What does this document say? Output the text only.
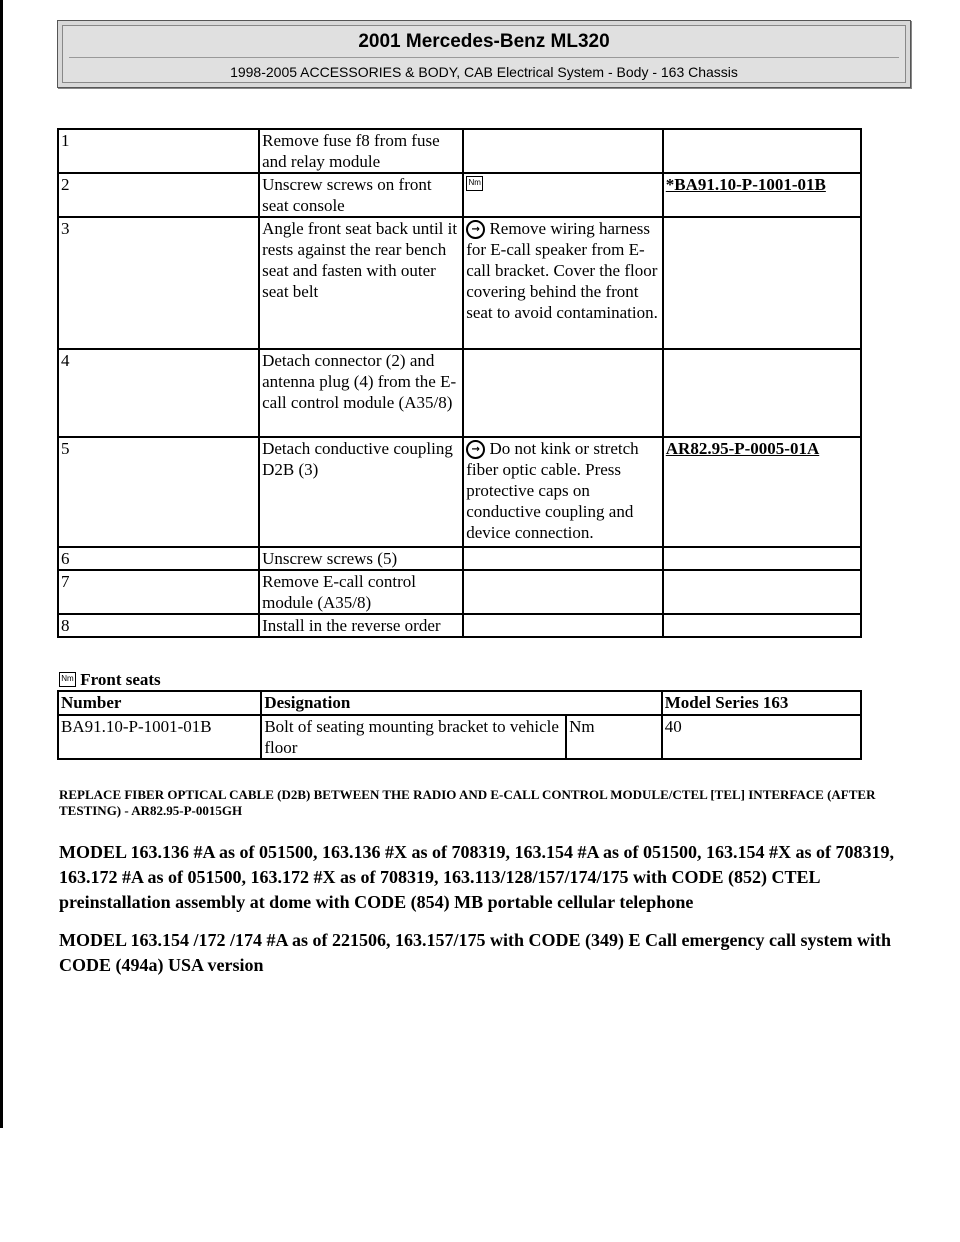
2001 Mercedes-Benz ML320
1998-2005 ACCESSORIES & BODY, CAB Electrical System - Body - 163 Chassis
1	Remove fuse f8 from fuse and relay module		
2	Unscrew screws on front seat console	Nm	*BA91.10-P-1001-01B
3	Angle front seat back until it rests against the rear bench seat and fasten with outer seat belt	→ Remove wiring harness for E-call speaker from E-call bracket. Cover the floor covering behind the front seat to avoid contamination.	
4	Detach connector (2) and antenna plug (4) from the E-call control module (A35/8)		
5	Detach conductive coupling D2B (3)	→ Do not kink or stretch fiber optic cable. Press protective caps on conductive coupling and device connection.	AR82.95-P-0005-01A
6	Unscrew screws (5)		
7	Remove E-call control module (A35/8)		
8	Install in the reverse order		
Nm Front seats
Number	Designation		Model Series 163
BA91.10-P-1001-01B	Bolt of seating mounting bracket to vehicle floor	Nm	40
REPLACE FIBER OPTICAL CABLE (D2B) BETWEEN THE RADIO AND E-CALL CONTROL MODULE/CTEL [TEL] INTERFACE (AFTER TESTING) - AR82.95-P-0015GH
MODEL 163.136 #A as of 051500, 163.136 #X as of 708319, 163.154 #A as of 051500, 163.154 #X as of 708319, 163.172 #A as of 051500, 163.172 #X as of 708319, 163.113/128/157/174/175 with CODE (852) CTEL preinstallation assembly at dome with CODE (854) MB portable cellular telephone
MODEL 163.154 /172 /174 #A as of 221506, 163.157/175 with CODE (349) E Call emergency call system with CODE (494a) USA version
